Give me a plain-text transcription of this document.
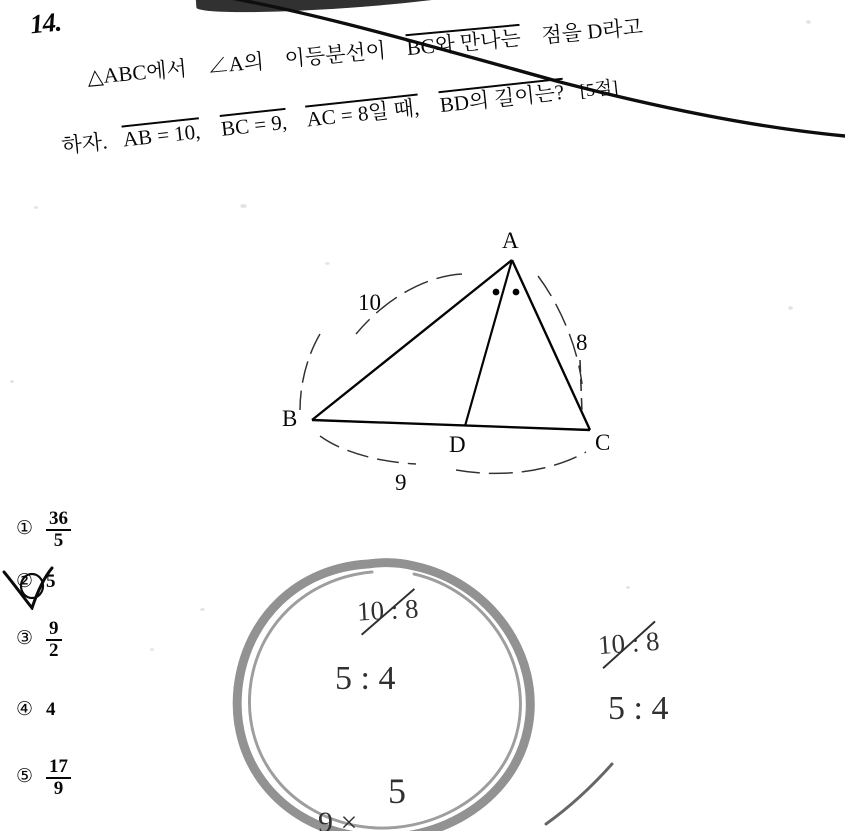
14.
△ABC에서 ∠A의 이등분선이 BC와 만나는 점을 D라고
하자. AB = 10, BC = 9, AC = 8일 때, BD의 길이는? [5점]
A
B
C
D
10
8
9
① $\frac{36}{5}$
② 5
③ $\frac{9}{2}$
④ 4
⑤ $\frac{17}{9}$
10 : 8
5 : 4
10 : 8
5 : 4
5
9 ×
